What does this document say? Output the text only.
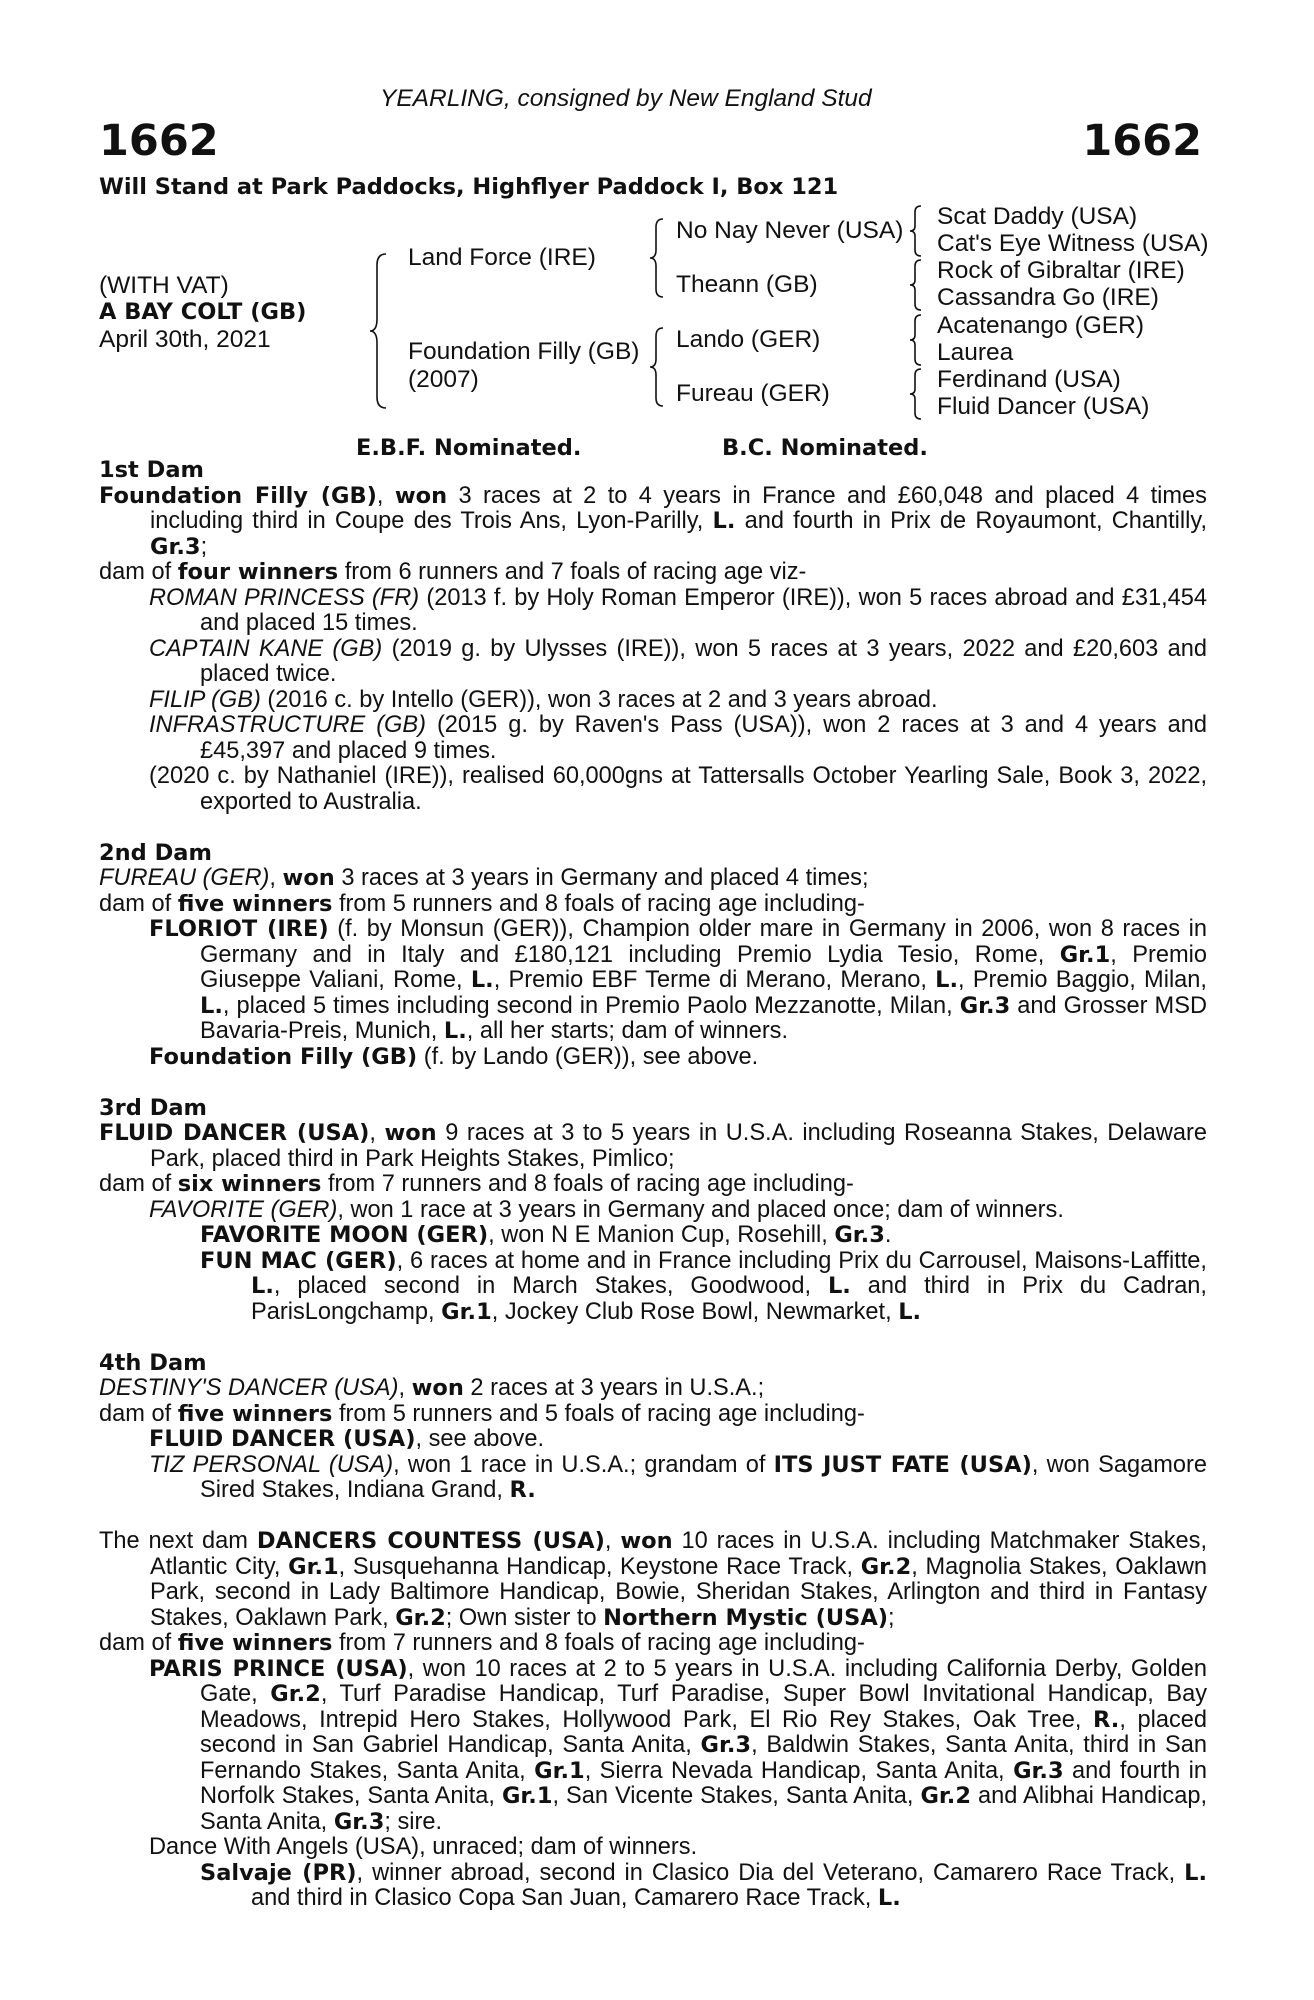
YEARLING, consigned by New England Stud
1662	1662
Will Stand at Park Paddocks, Highflyer Paddock I, Box 121
(WITH VAT)
A BAY COLT (GB)
April 30th, 2021
Land Force (IRE)
Foundation Filly (GB)
(2007)
No Nay Never (USA)
Theann (GB)
Lando (GER)
Fureau (GER)
Scat Daddy (USA)
Cat's Eye Witness (USA)
Rock of Gibraltar (IRE)
Cassandra Go (IRE)
Acatenango (GER)
Laurea
Ferdinand (USA)
Fluid Dancer (USA)
E.B.F. Nominated.	B.C. Nominated.
1st Dam
Foundation Filly (GB), won 3 races at 2 to 4 years in France and £60,048 and placed 4 times including third in Coupe des Trois Ans, Lyon-Parilly, L. and fourth in Prix de Royaumont, Chantilly, Gr.3;
dam of four winners from 6 runners and 7 foals of racing age viz-
ROMAN PRINCESS (FR) (2013 f. by Holy Roman Emperor (IRE)), won 5 races abroad and £31,454 and placed 15 times.
CAPTAIN KANE (GB) (2019 g. by Ulysses (IRE)), won 5 races at 3 years, 2022 and £20,603 and placed twice.
FILIP (GB) (2016 c. by Intello (GER)), won 3 races at 2 and 3 years abroad.
INFRASTRUCTURE (GB) (2015 g. by Raven's Pass (USA)), won 2 races at 3 and 4 years and £45,397 and placed 9 times.
(2020 c. by Nathaniel (IRE)), realised 60,000gns at Tattersalls October Yearling Sale, Book 3, 2022, exported to Australia.
2nd Dam
FUREAU (GER), won 3 races at 3 years in Germany and placed 4 times;
dam of five winners from 5 runners and 8 foals of racing age including-
FLORIOT (IRE) (f. by Monsun (GER)), Champion older mare in Germany in 2006, won 8 races in Germany and in Italy and £180,121 including Premio Lydia Tesio, Rome, Gr.1, Premio Giuseppe Valiani, Rome, L., Premio EBF Terme di Merano, Merano, L., Premio Baggio, Milan, L., placed 5 times including second in Premio Paolo Mezzanotte, Milan, Gr.3 and Grosser MSD Bavaria-Preis, Munich, L., all her starts; dam of winners.
Foundation Filly (GB) (f. by Lando (GER)), see above.
3rd Dam
FLUID DANCER (USA), won 9 races at 3 to 5 years in U.S.A. including Roseanna Stakes, Delaware Park, placed third in Park Heights Stakes, Pimlico;
dam of six winners from 7 runners and 8 foals of racing age including-
FAVORITE (GER), won 1 race at 3 years in Germany and placed once; dam of winners.
FAVORITE MOON (GER), won N E Manion Cup, Rosehill, Gr.3.
FUN MAC (GER), 6 races at home and in France including Prix du Carrousel, Maisons-Laffitte, L., placed second in March Stakes, Goodwood, L. and third in Prix du Cadran, ParisLongchamp, Gr.1, Jockey Club Rose Bowl, Newmarket, L.
4th Dam
DESTINY'S DANCER (USA), won 2 races at 3 years in U.S.A.;
dam of five winners from 5 runners and 5 foals of racing age including-
FLUID DANCER (USA), see above.
TIZ PERSONAL (USA), won 1 race in U.S.A.; grandam of ITS JUST FATE (USA), won Sagamore Sired Stakes, Indiana Grand, R.
The next dam DANCERS COUNTESS (USA), won 10 races in U.S.A. including Matchmaker Stakes, Atlantic City, Gr.1, Susquehanna Handicap, Keystone Race Track, Gr.2, Magnolia Stakes, Oaklawn Park, second in Lady Baltimore Handicap, Bowie, Sheridan Stakes, Arlington and third in Fantasy Stakes, Oaklawn Park, Gr.2; Own sister to Northern Mystic (USA);
dam of five winners from 7 runners and 8 foals of racing age including-
PARIS PRINCE (USA), won 10 races at 2 to 5 years in U.S.A. including California Derby, Golden Gate, Gr.2, Turf Paradise Handicap, Turf Paradise, Super Bowl Invitational Handicap, Bay Meadows, Intrepid Hero Stakes, Hollywood Park, El Rio Rey Stakes, Oak Tree, R., placed second in San Gabriel Handicap, Santa Anita, Gr.3, Baldwin Stakes, Santa Anita, third in San Fernando Stakes, Santa Anita, Gr.1, Sierra Nevada Handicap, Santa Anita, Gr.3 and fourth in Norfolk Stakes, Santa Anita, Gr.1, San Vicente Stakes, Santa Anita, Gr.2 and Alibhai Handicap, Santa Anita, Gr.3; sire.
Dance With Angels (USA), unraced; dam of winners.
Salvaje (PR), winner abroad, second in Clasico Dia del Veterano, Camarero Race Track, L. and third in Clasico Copa San Juan, Camarero Race Track, L.
